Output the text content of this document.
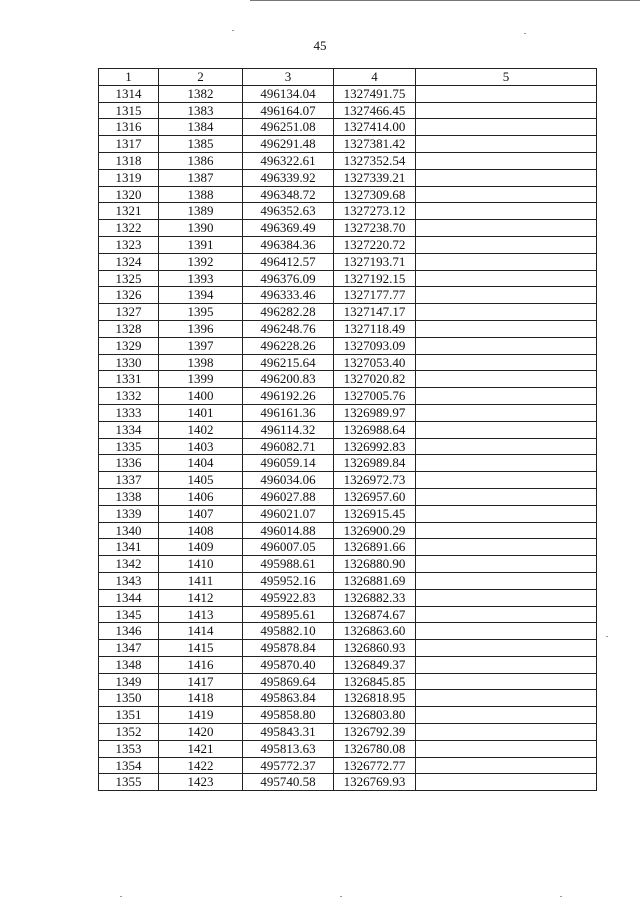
45
1	2	3	4	5
1314	1382	496134.04	1327491.75	
1315	1383	496164.07	1327466.45	
1316	1384	496251.08	1327414.00	
1317	1385	496291.48	1327381.42	
1318	1386	496322.61	1327352.54	
1319	1387	496339.92	1327339.21	
1320	1388	496348.72	1327309.68	
1321	1389	496352.63	1327273.12	
1322	1390	496369.49	1327238.70	
1323	1391	496384.36	1327220.72	
1324	1392	496412.57	1327193.71	
1325	1393	496376.09	1327192.15	
1326	1394	496333.46	1327177.77	
1327	1395	496282.28	1327147.17	
1328	1396	496248.76	1327118.49	
1329	1397	496228.26	1327093.09	
1330	1398	496215.64	1327053.40	
1331	1399	496200.83	1327020.82	
1332	1400	496192.26	1327005.76	
1333	1401	496161.36	1326989.97	
1334	1402	496114.32	1326988.64	
1335	1403	496082.71	1326992.83	
1336	1404	496059.14	1326989.84	
1337	1405	496034.06	1326972.73	
1338	1406	496027.88	1326957.60	
1339	1407	496021.07	1326915.45	
1340	1408	496014.88	1326900.29	
1341	1409	496007.05	1326891.66	
1342	1410	495988.61	1326880.90	
1343	1411	495952.16	1326881.69	
1344	1412	495922.83	1326882.33	
1345	1413	495895.61	1326874.67	
1346	1414	495882.10	1326863.60	
1347	1415	495878.84	1326860.93	
1348	1416	495870.40	1326849.37	
1349	1417	495869.64	1326845.85	
1350	1418	495863.84	1326818.95	
1351	1419	495858.80	1326803.80	
1352	1420	495843.31	1326792.39	
1353	1421	495813.63	1326780.08	
1354	1422	495772.37	1326772.77	
1355	1423	495740.58	1326769.93	
